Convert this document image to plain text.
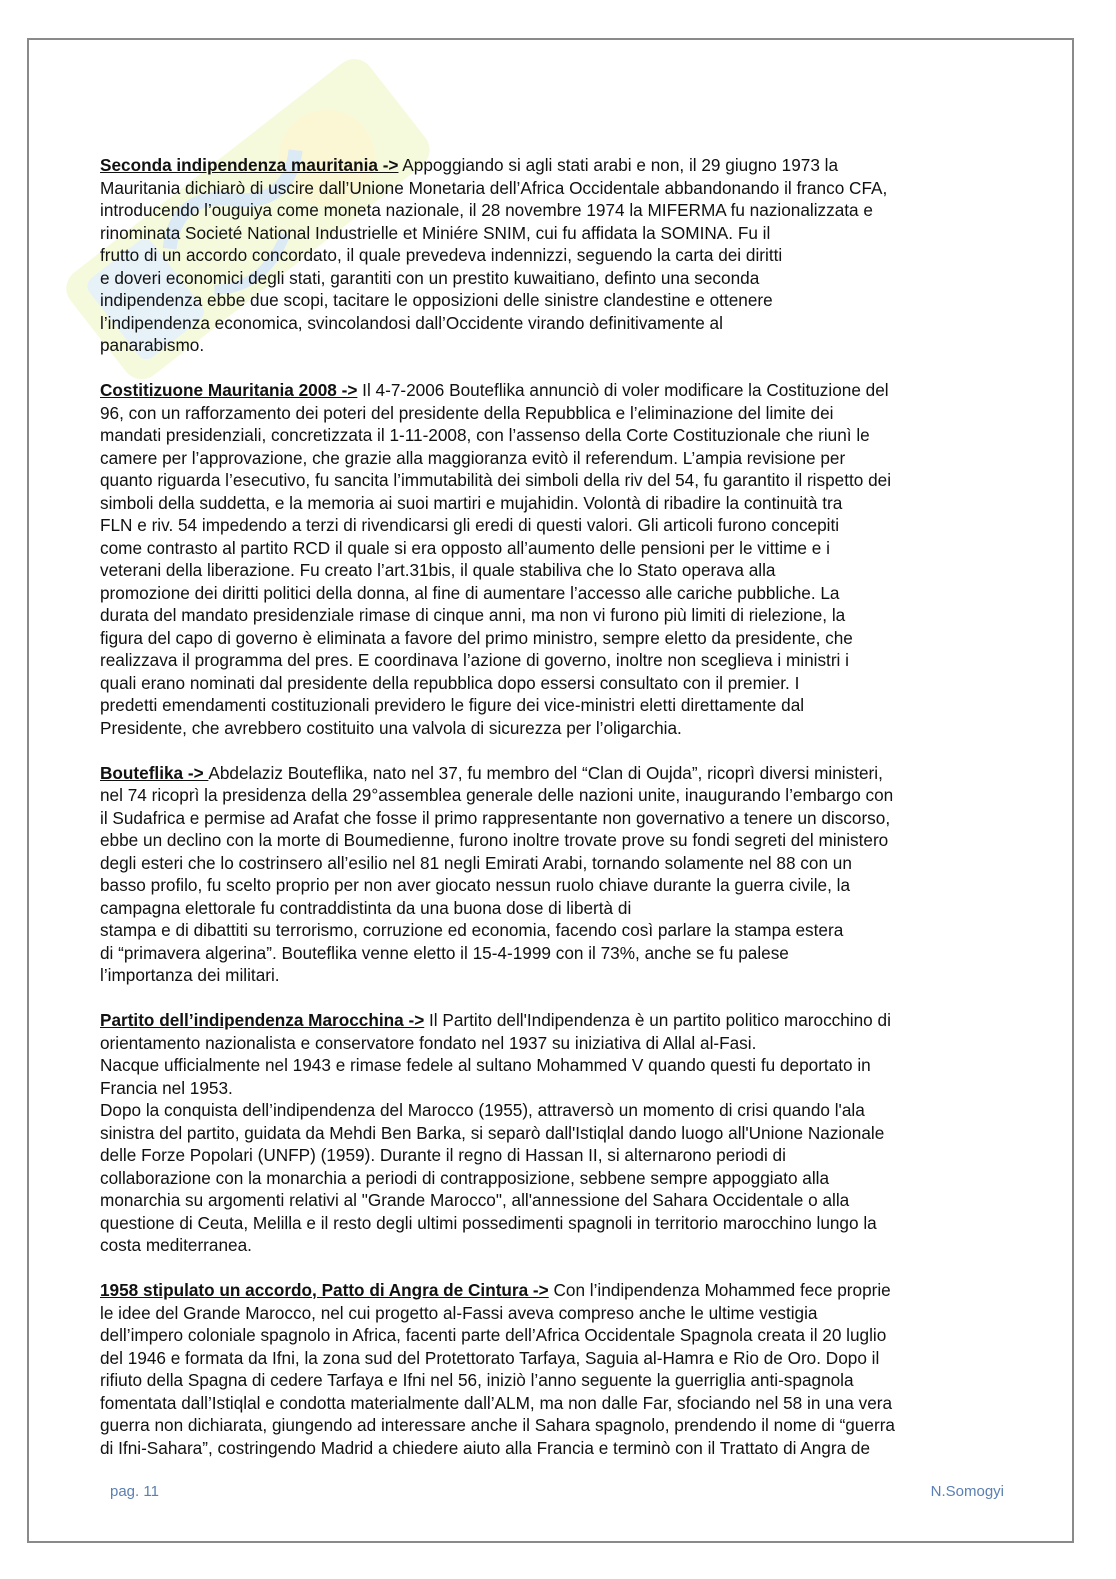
Seconda indipendenza mauritania -> Appoggiando si agli stati arabi e non, il 29 giugno 1973 la
Mauritania dichiarò di uscire dall’Unione Monetaria dell’Africa Occidentale abbandonando il franco CFA,
introducendo l’ouguiya come moneta nazionale, il 28 novembre 1974 la MIFERMA fu nazionalizzata e
rinominata Societé National Industrielle et Miniére SNIM, cui fu affidata la SOMINA. Fu il
frutto di un accordo concordato, il quale prevedeva indennizzi, seguendo la carta dei diritti
e doveri economici degli stati, garantiti con un prestito kuwaitiano, definto una seconda
indipendenza ebbe due scopi, tacitare le opposizioni delle sinistre clandestine e ottenere
l’indipendenza economica, svincolandosi dall’Occidente virando definitivamente al
panarabismo.
Costitizuone Mauritania 2008 -> Il 4-7-2006 Bouteflika annunciò di voler modificare la Costituzione del
96, con un rafforzamento dei poteri del presidente della Repubblica e l’eliminazione del limite dei
mandati presidenziali, concretizzata il 1-11-2008, con l’assenso della Corte Costituzionale che riunì le
camere per l’approvazione, che grazie alla maggioranza evitò il referendum. L’ampia revisione per
quanto riguarda l’esecutivo, fu sancita l’immutabilità dei simboli della riv del 54, fu garantito il rispetto dei
simboli della suddetta, e la memoria ai suoi martiri e mujahidin. Volontà di ribadire la continuità tra
FLN e riv. 54 impedendo a terzi di rivendicarsi gli eredi di questi valori. Gli articoli furono concepiti
come contrasto al partito RCD il quale si era opposto all’aumento delle pensioni per le vittime e i
veterani della liberazione. Fu creato l’art.31bis, il quale stabiliva che lo Stato operava alla
promozione dei diritti politici della donna, al fine di aumentare l’accesso alle cariche pubbliche. La
durata del mandato presidenziale rimase di cinque anni, ma non vi furono più limiti di rielezione, la
figura del capo di governo è eliminata a favore del primo ministro, sempre eletto da presidente, che
realizzava il programma del pres. E coordinava l’azione di governo, inoltre non sceglieva i ministri i
quali erano nominati dal presidente della repubblica dopo essersi consultato con il premier. I
predetti emendamenti costituzionali previdero le figure dei vice-ministri eletti direttamente dal
Presidente, che avrebbero costituito una valvola di sicurezza per l’oligarchia.
Bouteflika -> Abdelaziz Bouteflika, nato nel 37, fu membro del “Clan di Oujda”, ricoprì diversi ministeri,
nel 74 ricoprì la presidenza della 29°assemblea generale delle nazioni unite, inaugurando l’embargo con
il Sudafrica e permise ad Arafat che fosse il primo rappresentante non governativo a tenere un discorso,
ebbe un declino con la morte di Boumedienne, furono inoltre trovate prove su fondi segreti del ministero
degli esteri che lo costrinsero all’esilio nel 81 negli Emirati Arabi, tornando solamente nel 88 con un
basso profilo, fu scelto proprio per non aver giocato nessun ruolo chiave durante la guerra civile, la
campagna elettorale fu contraddistinta da una buona dose di libertà di
stampa e di dibattiti su terrorismo, corruzione ed economia, facendo così parlare la stampa estera
di “primavera algerina”. Bouteflika venne eletto il 15-4-1999 con il 73%, anche se fu palese
l’importanza dei militari.
Partito dell’indipendenza Marocchina -> Il Partito dell'Indipendenza è un partito politico marocchino di
orientamento nazionalista e conservatore fondato nel 1937 su iniziativa di Allal al-Fasi.
Nacque ufficialmente nel 1943 e rimase fedele al sultano Mohammed V quando questi fu deportato in
Francia nel 1953.
Dopo la conquista dell’indipendenza del Marocco (1955), attraversò un momento di crisi quando l'ala
sinistra del partito, guidata da Mehdi Ben Barka, si separò dall'Istiqlal dando luogo all'Unione Nazionale
delle Forze Popolari (UNFP) (1959). Durante il regno di Hassan II, si alternarono periodi di
collaborazione con la monarchia a periodi di contrapposizione, sebbene sempre appoggiato alla
monarchia su argomenti relativi al "Grande Marocco", all'annessione del Sahara Occidentale o alla
questione di Ceuta, Melilla e il resto degli ultimi possedimenti spagnoli in territorio marocchino lungo la
costa mediterranea.
1958 stipulato un accordo, Patto di Angra de Cintura -> Con l’indipendenza Mohammed fece proprie
le idee del Grande Marocco, nel cui progetto al-Fassi aveva compreso anche le ultime vestigia
dell’impero coloniale spagnolo in Africa, facenti parte dell’Africa Occidentale Spagnola creata il 20 luglio
del 1946 e formata da Ifni, la zona sud del Protettorato Tarfaya, Saguia al-Hamra e Rio de Oro. Dopo il
rifiuto della Spagna di cedere Tarfaya e Ifni nel 56, iniziò l’anno seguente la guerriglia anti-spagnola
fomentata dall’Istiqlal e condotta materialmente dall’ALM, ma non dalle Far, sfociando nel 58 in una vera
guerra non dichiarata, giungendo ad interessare anche il Sahara spagnolo, prendendo il nome di “guerra
di Ifni-Sahara”, costringendo Madrid a chiedere aiuto alla Francia e terminò con il Trattato di Angra de
pag. 11	N.Somogyi
